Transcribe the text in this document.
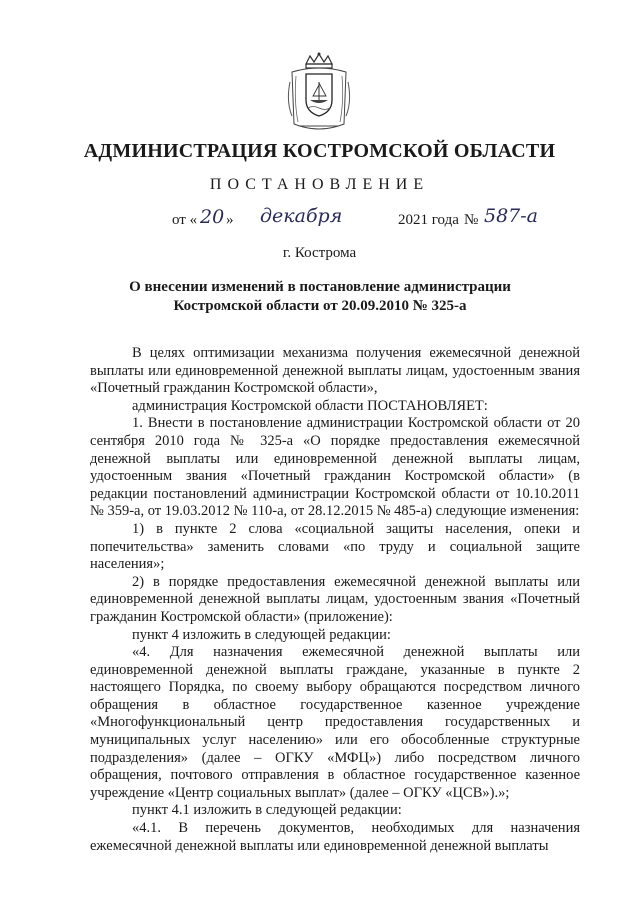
АДМИНИСТРАЦИЯ КОСТРОМСКОЙ ОБЛАСТИ
ПОСТАНОВЛЕНИЕ
от « 20 » декабря	2021 года № 587-а
г. Кострома
О внесении изменений в постановление администрации
Костромской области от 20.09.2010 № 325-а

В целях оптимизации механизма получения ежемесячной денежной выплаты или единовременной денежной выплаты лицам, удостоенным звания «Почетный гражданин Костромской области»,

администрация Костромской области ПОСТАНОВЛЯЕТ:

1. Внести в постановление администрации Костромской области от 20 сентября 2010 года № 325-а «О порядке предоставления ежемесячной денежной выплаты или единовременной денежной выплаты лицам, удостоенным звания «Почетный гражданин Костромской области» (в редакции постановлений администрации Костромской области от 10.10.2011 № 359-а, от 19.03.2012 № 110-а, от 28.12.2015 № 485-а) следующие изменения:

1) в пункте 2 слова «социальной защиты населения, опеки и попечительства» заменить словами «по труду и социальной защите населения»;

2) в порядке предоставления ежемесячной денежной выплаты или единовременной денежной выплаты лицам, удостоенным звания «Почетный гражданин Костромской области» (приложение):

пункт 4 изложить в следующей редакции:

«4. Для назначения ежемесячной денежной выплаты или единовременной денежной выплаты граждане, указанные в пункте 2 настоящего Порядка, по своему выбору обращаются посредством личного обращения в областное государственное казенное учреждение «Многофункциональный центр предоставления государственных и муниципальных услуг населению» или его обособленные структурные подразделения» (далее – ОГКУ «МФЦ») либо посредством личного обращения, почтового отправления в областное государственное казенное учреждение «Центр социальных выплат» (далее – ОГКУ «ЦСВ»).»;

пункт 4.1 изложить в следующей редакции:

«4.1. В перечень документов, необходимых для назначения ежемесячной денежной выплаты или единовременной денежной выплаты
